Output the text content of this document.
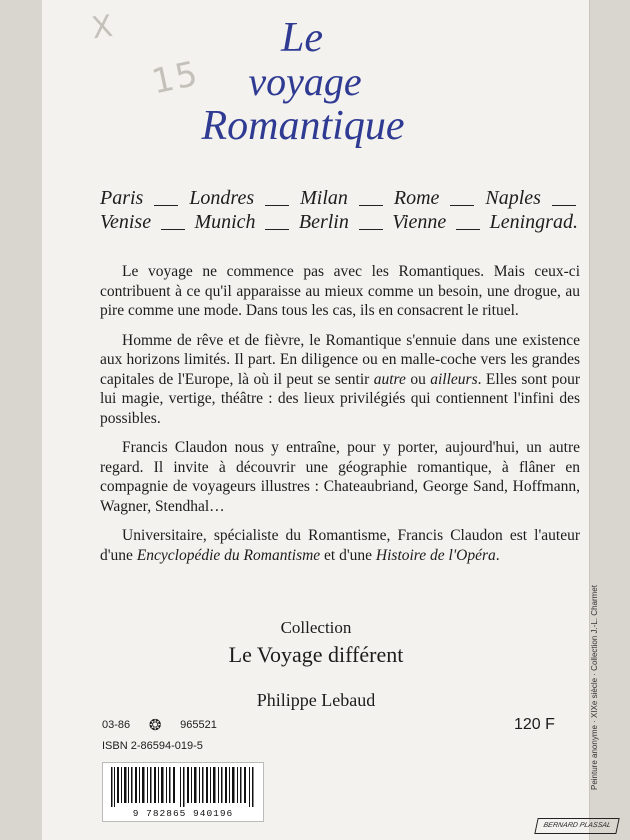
X
15
Le
voyage
Romantique
Paris Londres Milan Rome Naples
Venise Munich Berlin Vienne Leningrad.

Le voyage ne commence pas avec les Romantiques. Mais ceux-ci contribuent à ce qu'il apparaisse au mieux comme un besoin, une drogue, au pire comme une mode. Dans tous les cas, ils en consacrent le rituel.

Homme de rêve et de fièvre, le Romantique s'ennuie dans une existence aux horizons limités. Il part. En diligence ou en malle-coche vers les grandes capitales de l'Europe, là où il peut se sentir autre ou ailleurs. Elles sont pour lui magie, vertige, théâtre : des lieux privilégiés qui contiennent l'infini des possibles.

Francis Claudon nous y entraîne, pour y porter, aujourd'hui, un autre regard. Il invite à découvrir une géographie romantique, à flâner en compagnie de voyageurs illustres : Chateaubriand, George Sand, Hoffmann, Wagner, Stendhal…

Universitaire, spécialiste du Romantisme, Francis Claudon est l'auteur d'une Encyclopédie du Romantisme et d'une Histoire de l'Opéra.

Collection
Le Voyage différent
Philippe Lebaud
03-86	❂	965521
ISBN 2-86594-019-5
120 F
9 782865 940196
Peinture anonyme · XIXe siècle · Collection J.-L. Charmet
BERNARD PLASSAL
